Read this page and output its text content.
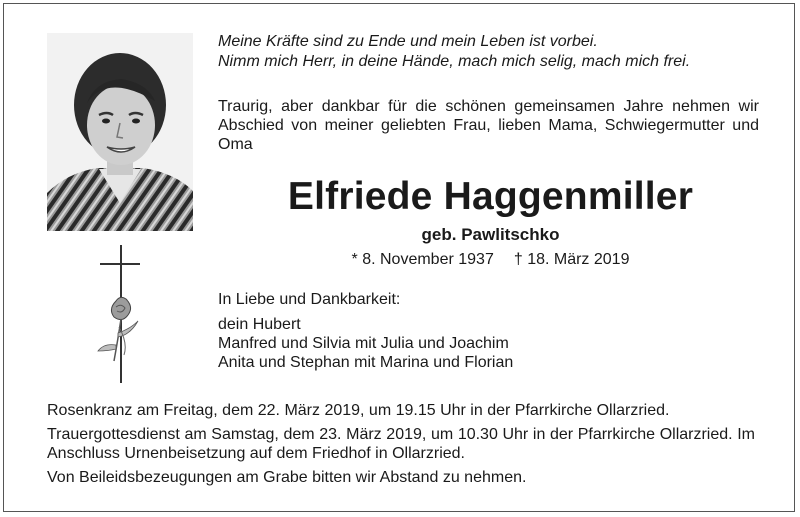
Meine Kräfte sind zu Ende und mein Leben ist vorbei.
Nimm mich Herr, in deine Hände, mach mich selig, mach mich frei.
Traurig, aber dankbar für die schönen gemeinsamen Jahre nehmen wir Abschied von meiner geliebten Frau, lieben Mama, Schwiegermutter und Oma
Elfriede Haggenmiller
geb. Pawlitschko
* 8. November 1937 † 18. März 2019
In Liebe und Dankbarkeit:
dein Hubert
Manfred und Silvia mit Julia und Joachim
Anita und Stephan mit Marina und Florian

Rosenkranz am Freitag, dem 22. März 2019, um 19.15 Uhr in der Pfarrkirche Ollarzried.

Trauergottesdienst am Samstag, dem 23. März 2019, um 10.30 Uhr in der Pfarrkirche Ollarzried. Im Anschluss Urnenbeisetzung auf dem Friedhof in Ollarzried.

Von Beileidsbezeugungen am Grabe bitten wir Abstand zu nehmen.
